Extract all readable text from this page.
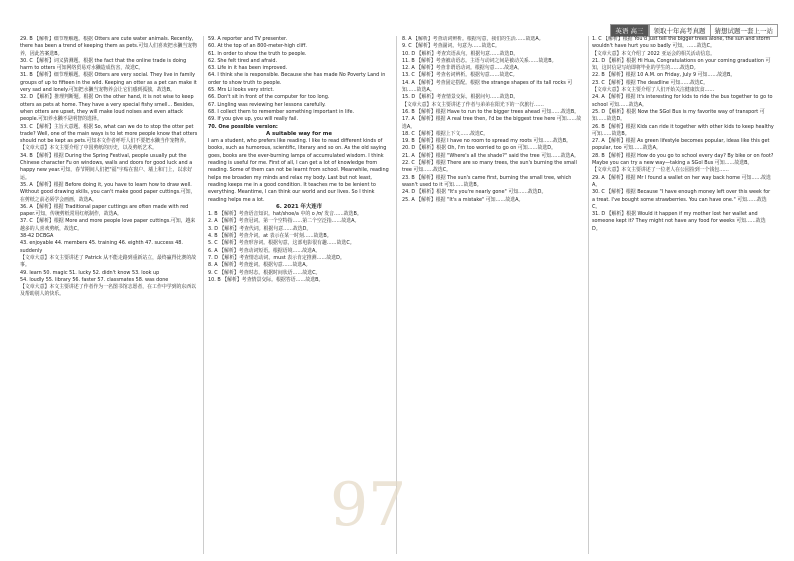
英语 高三	领取十年高考真题	猜想试题一套上一站

29. B 【解析】细节理解题。根据 Otters are cute water animals. Recently, there has been a trend of keeping them as pets.可知人们喜欢把水獭当宠物养，因此答案选B。

30. C 【解析】词义猜测题。根据 the fact that the online trade is doing harm to otters 可知网络贸易对水獭造成伤害，故选C。

31. B 【解析】细节理解题。根据 Otters are very social. They live in family groups of up to fifteen in the wild. Keeping an otter as a pet can make it very sad and lonely.可知把水獭当宠物养会让它们感到孤独，故选B。

32. D 【解析】推理判断题。根据 On the other hand, it is not wise to keep otters as pets at home. They have a very special fishy smell... Besides, when otters are upset, they will make loud noises and even attack people.可知养水獭不是明智的选择。

33. C 【解析】主旨大意题。根据 So, what can we do to stop the otter pet trade? Well, one of the main ways is to let more people know that otters should not be kept as pets.可知本文作者呼吁人们不要把水獭当作宠物养。

【文章大意】本文主要介绍了中国剪纸的历史，以及剪纸艺术。

34. B 【解析】根据 During the Spring Festival, people usually put the Chinese character Fu on windows, walls and doors for good luck and a happy new year.可知，春节期间人们把"福"字贴在窗户、墙上和门上，以求好运。

35. A 【解析】根据 Before doing it, you have to learn how to draw well. Without good drawing skills, you can't make good paper cuttings.可知，在剪纸之前必须学会画画，故选A。

36. A 【解析】根据 Traditional paper cuttings are often made with red paper.可知，传统剪纸常用红纸制作，故选A。

37. C 【解析】根据 More and more people love paper cuttings.可知，越来越多的人喜欢剪纸，故选C。

38-42 DCBGA

43. enjoyable 44. members 45. training 46. eighth 47. success 48. suddenly

【文章大意】本文主要讲述了 Patrick 从不能走路到重新站立，最终赢得比赛的故事。

49. learn 50. magic 51. lucky 52. didn't know 53. look up

54. loudly 55. library 56. faster 57. classmates 58. was done

【文章大意】本文主要讲述了作者作为一名图书馆志愿者，在工作中学到的东西以及帮助别人的快乐。

59. A reporter and TV presenter.

60. At the top of an 800-meter-high cliff.

61. In order to show the truth to people.

62. She felt tired and afraid.

63. Life in it has been improved.

64. I think she is responsible. Because she has made No Poverty Land in order to show truth to people.

65. Mrs Li looks very strict.

66. Don't sit in front of the computer for too long.

67. Lingling was reviewing her lessons carefully.

68. I collect them to remember something important in life.

69. If you give up, you will really fail.

70. One possible version:

A suitable way for me

I am a student, who prefers like reading. I like to read different kinds of books, such as humorous, scientific, literary and so on. As the old saying goes, books are the ever-burning lamps of accumulated wisdom. I think reading is useful for me. First of all, I can get a lot of knowledge from reading. Some of them can not be learnt from school. Meanwhile, reading helps me broaden my minds and relax my body. Last but not least, reading keeps me in a good condition. It teaches me to be lenient to everything. Meantime, I can think our world and our lives. So I think reading helps me a lot.

6. 2021 年大连市

1. B 【解析】考查语音知识。hat/shoe/a 中的 o /ʊ/ 发音……故选B。

2. A 【解析】考查冠词。第一个空特指……第二个空泛指……故选A。

3. D 【解析】考查代词。根据句意……故选D。

4. B 【解析】考查介词。at 表示在某一时刻……故选B。

5. C 【解析】考查形容词。根据句意，这部电影很有趣……故选C。

6. A 【解析】考查动词短语。根据语境……故选A。

7. D 【解析】考查情态动词。must 表示肯定推测……故选D。

8. A 【解析】考查连词。根据句意……故选A。

9. C 【解析】考查时态。根据时间状语……故选C。

10. B 【解析】考查情景交际。根据答语……故选B。

8. A 【解析】考查动词辨析。根据句意，我们的生活……故选A。

9. C 【解析】考查副词。句意为……故选C。

10. D 【解析】考查宾语从句。根据句意……故选D。

11. B 【解析】考查被动语态。主语与动词之间是被动关系……故选B。

12. A 【解析】考查非谓语动词。根据句意……故选A。

13. C 【解析】考查名词辨析。根据句意……故选C。

14. A 【解析】考查固定搭配。根据 the strange shapes of its tall rocks 可知……故选A。

15. D 【解析】考查情景交际。根据问句……故选D。

【文章大意】本文主要讲述了作者与弟弟在阳光下的一次旅行……

16. B 【解析】根据 Have to run to the bigger trees ahead 可知……故选B。

17. A 【解析】根据 A real tree then, I'd be the biggest tree here 可知……故选A。

18. C 【解析】根据上下文……故选C。

19. B 【解析】根据 I have no room to spread my roots 可知……故选B。

20. D 【解析】根据 Oh, I'm too worried to go on 可知……故选D。

21. A 【解析】根据 "Where's all the shade?" said the tree 可知……故选A。

22. C 【解析】根据 There are so many trees, the sun's burning the small tree 可知……故选C。

23. B 【解析】根据 The sun's came first, burning the small tree, which wasn't used to it 可知……故选B。

24. D 【解析】根据 "It's you're nearly gone" 可知……故选D。

25. A 【解析】根据 "It's a mistake" 可知……故选A。

1. C 【解析】根据 You'd just tell the bigger trees alone, the sun and storm wouldn't have hurt you so badly 可知，……故选C。

【文章大意】本文介绍了 2022 亚运会的相关活动信息。

21. D 【解析】根据 Hi Hua, Congratulations on your coming graduation 可知，这封信是写给即将毕业的学生的……故选D。

22. B 【解析】根据 10 A.M. on Friday, July 9 可知……故选B。

23. C 【解析】根据 The deadline 可知……故选C。

【文章大意】本文主要介绍了人们开始关注健康饮食……

24. A 【解析】根据 It's interesting for kids to ride the bus together to go to school 可知……故选A。

25. D 【解析】根据 Now the SGol Bus is my favorite way of transport 可知……故选D。

26. B 【解析】根据 Kids can ride it together with other kids to keep healthy 可知……故选B。

27. A 【解析】根据 As green lifestyle becomes popular, ideas like this get popular, too 可知……故选A。

28. B 【解析】根据 How do you go to school every day? By bike or on foot? Maybe you can try a new way—taking a SGol Bus 可知……故选B。

【文章大意】本文主要讲述了一位老人在公园捡到一个钱包……

29. A 【解析】根据 Mr I found a wallet on her way back home 可知……故选A。

30. C 【解析】根据 Because "I have enough money left over this week for a treat. I've bought some strawberries. You can have one." 可知……故选C。

31. D 【解析】根据 Would it happen if my mother lost her wallet and someone kept it? They might not have any food for weeks 可知……故选D。

97
